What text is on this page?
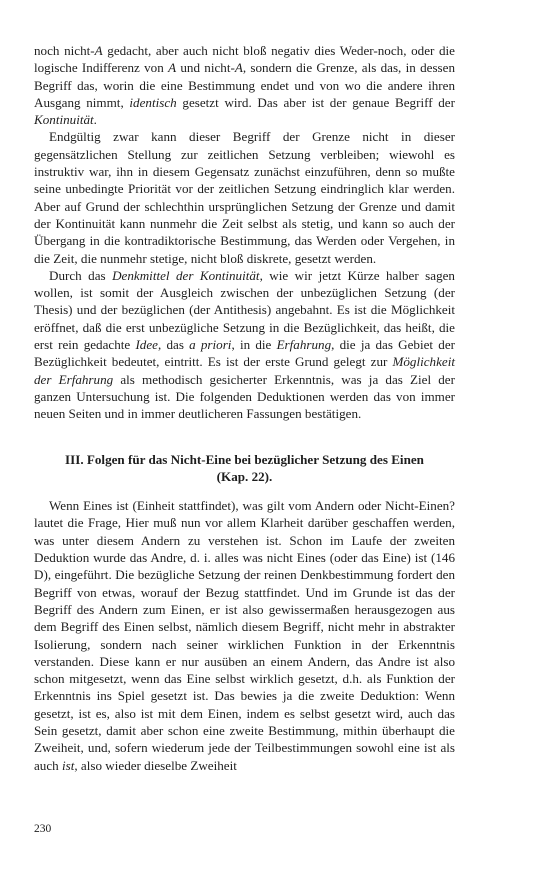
noch nicht-A gedacht, aber auch nicht bloß negativ dies Weder-noch, oder die logische Indifferenz von A und nicht-A, sondern die Grenze, als das, in dessen Begriff das, worin die eine Bestimmung endet und von wo die andere ihren Ausgang nimmt, identisch gesetzt wird. Das aber ist der genaue Begriff der Kontinuität.

Endgültig zwar kann dieser Begriff der Grenze nicht in dieser gegensätzlichen Stellung zur zeitlichen Setzung verbleiben; wiewohl es instruktiv war, ihn in diesem Gegensatz zunächst einzuführen, denn so mußte seine unbedingte Priorität vor der zeitlichen Setzung eindringlich klar werden. Aber auf Grund der schlechthin ursprünglichen Setzung der Grenze und damit der Kontinuität kann nunmehr die Zeit selbst als stetig, und kann so auch der Übergang in die kontradiktorische Bestimmung, das Werden oder Vergehen, in die Zeit, die nunmehr stetige, nicht bloß diskrete, gesetzt werden.

Durch das Denkmittel der Kontinuität, wie wir jetzt Kürze halber sagen wollen, ist somit der Ausgleich zwischen der unbezüglichen Setzung (der Thesis) und der bezüglichen (der Antithesis) angebahnt. Es ist die Möglichkeit eröffnet, daß die erst unbezügliche Setzung in die Bezüglichkeit, das heißt, die erst rein gedachte Idee, das a priori, in die Erfahrung, die ja das Gebiet der Bezüglichkeit bedeutet, eintritt. Es ist der erste Grund gelegt zur Möglichkeit der Erfahrung als methodisch gesicherter Erkenntnis, was ja das Ziel der ganzen Untersuchung ist. Die folgenden Deduktionen werden das von immer neuen Seiten und in immer deutlicheren Fassungen bestätigen.

III. Folgen für das Nicht-Eine bei bezüglicher Setzung des Einen
(Kap. 22).

Wenn Eines ist (Einheit stattfindet), was gilt vom Andern oder Nicht-Einen? lautet die Frage, Hier muß nun vor allem Klarheit darüber geschaffen werden, was unter diesem Andern zu verstehen ist. Schon im Laufe der zweiten Deduktion wurde das Andre, d. i. alles was nicht Eines (oder das Eine) ist (146 D), eingeführt. Die bezügliche Setzung der reinen Denkbestimmung fordert den Begriff von etwas, worauf der Bezug stattfindet. Und im Grunde ist das der Begriff des Andern zum Einen, er ist also gewissermaßen herausgezogen aus dem Begriff des Einen selbst, nämlich diesem Begriff, nicht mehr in abstrakter Isolierung, sondern nach seiner wirklichen Funktion in der Erkenntnis verstanden. Diese kann er nur ausüben an einem Andern, das Andre ist also schon mitgesetzt, wenn das Eine selbst wirklich gesetzt, d.h. als Funktion der Erkenntnis ins Spiel gesetzt ist. Das bewies ja die zweite Deduktion: Wenn gesetzt, ist es, also ist mit dem Einen, indem es selbst gesetzt wird, auch das Sein gesetzt, damit aber schon eine zweite Bestimmung, mithin überhaupt die Zweiheit, und, sofern wiederum jede der Teilbestimmungen sowohl eine ist als auch ist, also wieder dieselbe Zweiheit

230
